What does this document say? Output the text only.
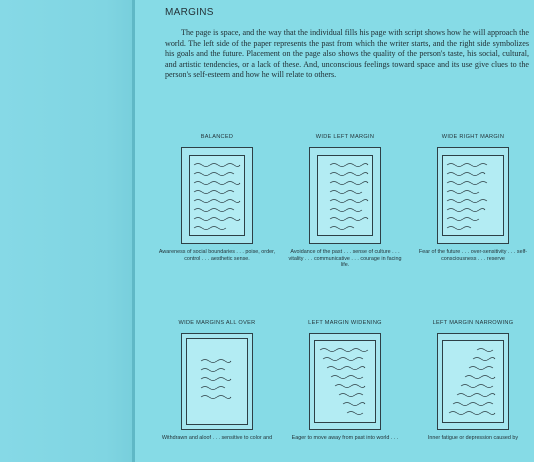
MARGINS

The page is space, and the way that the individual fills his page with script shows how he will approach the world. The left side of the paper represents the past from which the writer starts, and the right side symbolizes his goals and the future. Placement on the page also shows the quality of the person's taste, his social, cultural, and artistic tendencies, or a lack of these. And, unconscious feelings toward space and its use give clues to the person's self-esteem and how he will relate to others.

BALANCED
Awareness of social boundaries . . . poise, order, control . . . aesthetic sense.
WIDE LEFT MARGIN
Avoidance of the past . . . sense of culture . . . vitality . . . communicative . . . courage in facing life.
WIDE RIGHT MARGIN
Fear of the future . . . over-sensitivity . . . self-consciousness . . . reserve
WIDE MARGINS ALL OVER
Withdrawn and aloof . . . sensitive to color and
LEFT MARGIN WIDENING
Eager to move away from past into world . . .
LEFT MARGIN NARROWING
Inner fatigue or depression caused by
